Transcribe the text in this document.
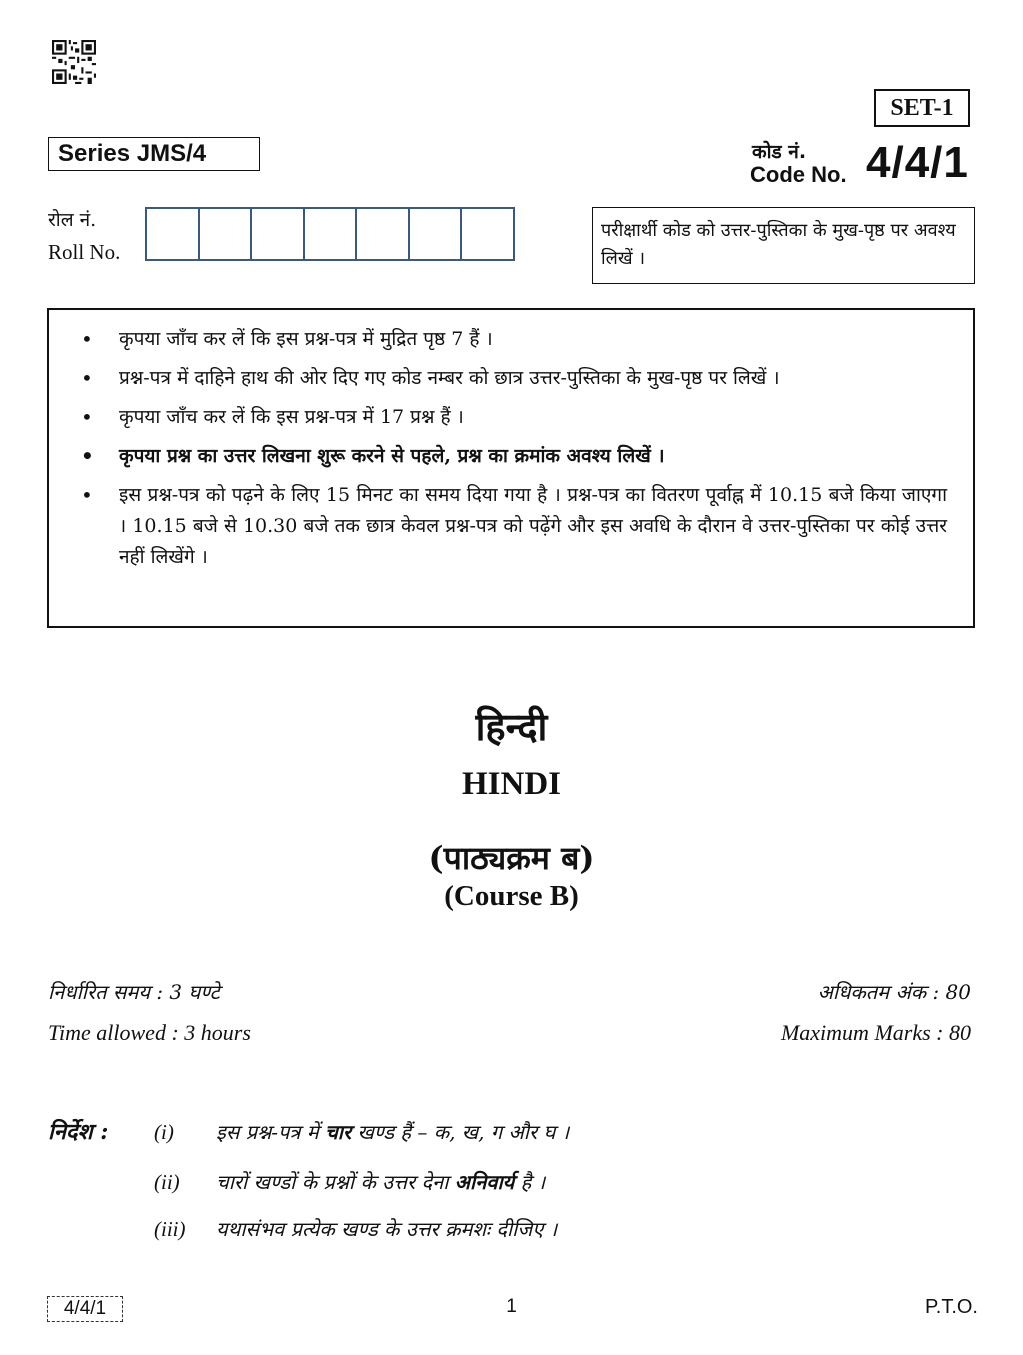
SET-1
Series JMS/4	कोड नं.
Code No. 4/4/1
रोल नं.
Roll No.
परीक्षार्थी कोड को उत्तर-पुस्तिका के मुख-पृष्ठ पर अवश्य लिखें ।
• कृपया जाँच कर लें कि इस प्रश्न-पत्र में मुद्रित पृष्ठ 7 हैं ।
• प्रश्न-पत्र में दाहिने हाथ की ओर दिए गए कोड नम्बर को छात्र उत्तर-पुस्तिका के मुख-पृष्ठ पर लिखें ।
• कृपया जाँच कर लें कि इस प्रश्न-पत्र में 17 प्रश्न हैं ।
• कृपया प्रश्न का उत्तर लिखना शुरू करने से पहले, प्रश्न का क्रमांक अवश्य लिखें ।
• इस प्रश्न-पत्र को पढ़ने के लिए 15 मिनट का समय दिया गया है । प्रश्न-पत्र का वितरण पूर्वाह्न में 10.15 बजे किया जाएगा । 10.15 बजे से 10.30 बजे तक छात्र केवल प्रश्न-पत्र को पढ़ेंगे और इस अवधि के दौरान वे उत्तर-पुस्तिका पर कोई उत्तर नहीं लिखेंगे ।
हिन्दी
HINDI
(पाठ्यक्रम ब)
(Course B)
निर्धारित समय : 3 घण्टे
Time allowed : 3 hours
अधिकतम अंक : 80
Maximum Marks : 80
निर्देश : (i) इस प्रश्न-पत्र में चार खण्ड हैं – क, ख, ग और घ ।
(ii) चारों खण्डों के प्रश्नों के उत्तर देना अनिवार्य है ।
(iii) यथासंभव प्रत्येक खण्ड के उत्तर क्रमशः दीजिए ।
4/4/1	1	P.T.O.
